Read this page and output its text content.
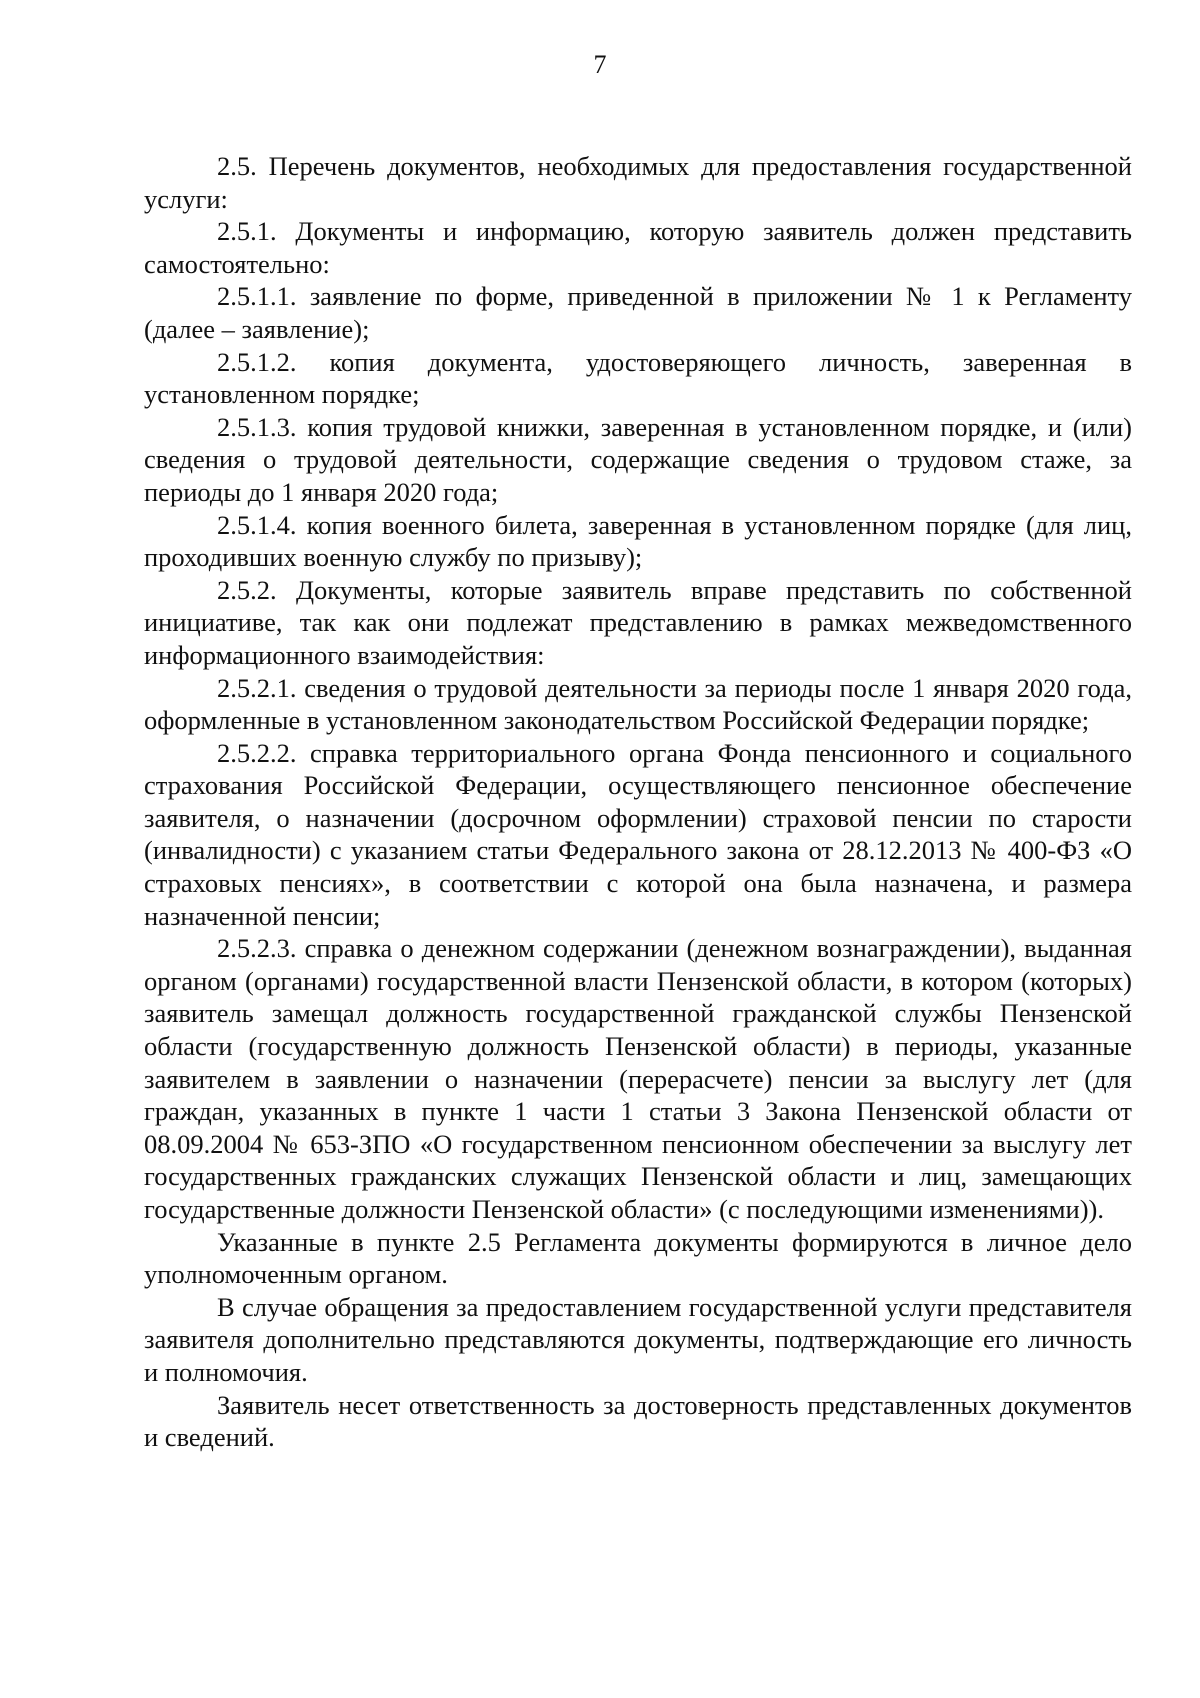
7

2.5. Перечень документов, необходимых для предоставления государственной услуги:

2.5.1. Документы и информацию, которую заявитель должен представить самостоятельно:

2.5.1.1. заявление по форме, приведенной в приложении № 1 к Регламенту (далее – заявление);

2.5.1.2. копия документа, удостоверяющего личность, заверенная в установленном порядке;

2.5.1.3. копия трудовой книжки, заверенная в установленном порядке, и (или) сведения о трудовой деятельности, содержащие сведения о трудовом стаже, за периоды до 1 января 2020 года;

2.5.1.4. копия военного билета, заверенная в установленном порядке (для лиц, проходивших военную службу по призыву);

2.5.2. Документы, которые заявитель вправе представить по собственной инициативе, так как они подлежат представлению в рамках межведомственного информационного взаимодействия:

2.5.2.1. сведения о трудовой деятельности за периоды после 1 января 2020 года, оформленные в установленном законодательством Российской Федерации порядке;

2.5.2.2. справка территориального органа Фонда пенсионного и социального страхования Российской Федерации, осуществляющего пенсионное обеспечение заявителя, о назначении (досрочном оформлении) страховой пенсии по старости (инвалидности) с указанием статьи Федерального закона от 28.12.2013 № 400-ФЗ «О страховых пенсиях», в соответствии с которой она была назначена, и размера назначенной пенсии;

2.5.2.3. справка о денежном содержании (денежном вознаграждении), выданная органом (органами) государственной власти Пензенской области, в котором (которых) заявитель замещал должность государственной гражданской службы Пензенской области (государственную должность Пензенской области) в периоды, указанные заявителем в заявлении о назначении (перерасчете) пенсии за выслугу лет (для граждан, указанных в пункте 1 части 1 статьи 3 Закона Пензенской области от 08.09.2004 № 653-ЗПО «О государственном пенсионном обеспечении за выслугу лет государственных гражданских служащих Пензенской области и лиц, замещающих государственные должности Пензенской области» (с последующими изменениями)).

Указанные в пункте 2.5 Регламента документы формируются в личное дело уполномоченным органом.

В случае обращения за предоставлением государственной услуги представителя заявителя дополнительно представляются документы, подтверждающие его личность и полномочия.

Заявитель несет ответственность за достоверность представленных документов и сведений.
